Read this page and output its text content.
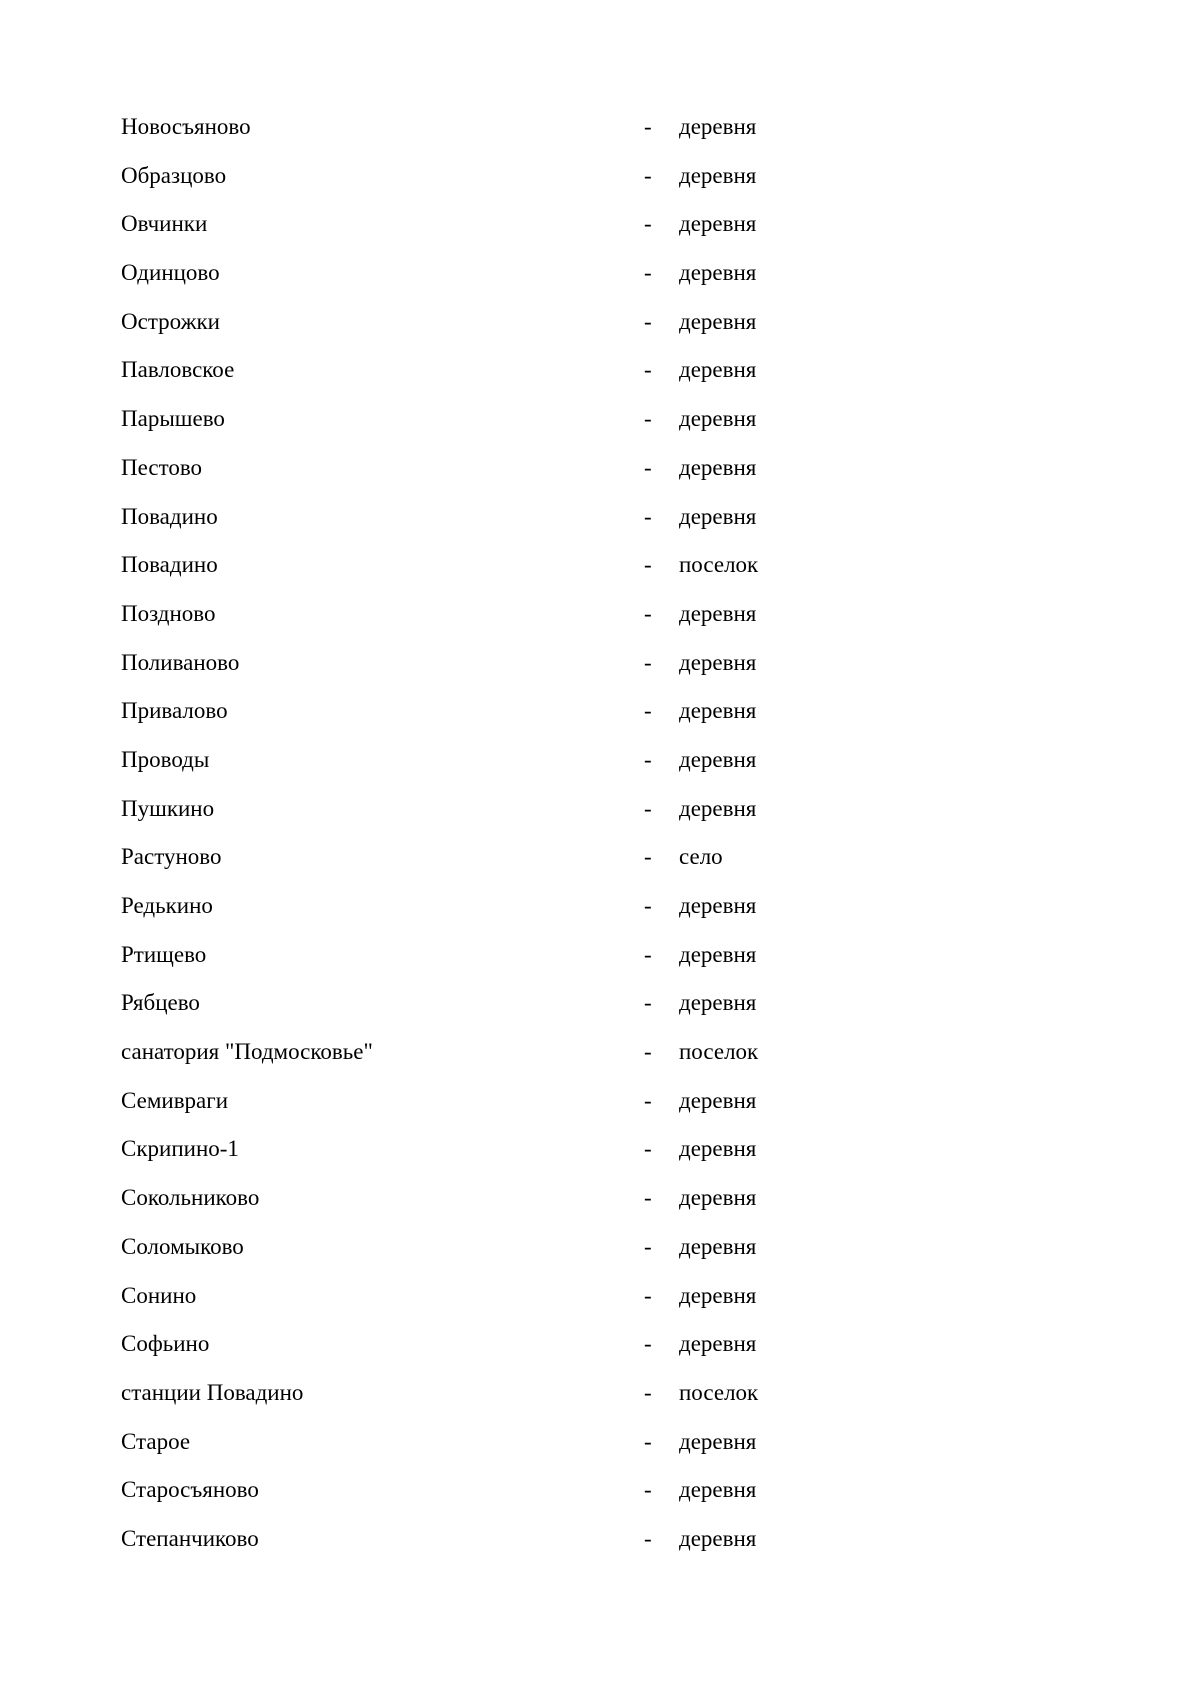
Новосъяново	- деревня
Образцово	- деревня
Овчинки	- деревня
Одинцово	- деревня
Острожки	- деревня
Павловское	- деревня
Парышево	- деревня
Пестово	- деревня
Повадино	- деревня
Повадино	- поселок
Поздново	- деревня
Поливаново	- деревня
Привалово	- деревня
Проводы	- деревня
Пушкино	- деревня
Растуново	- село
Редькино	- деревня
Ртищево	- деревня
Рябцево	- деревня
санатория "Подмосковье"	- поселок
Семивраги	- деревня
Скрипино-1	- деревня
Сокольниково	- деревня
Соломыково	- деревня
Сонино	- деревня
Софьино	- деревня
станции Повадино	- поселок
Старое	- деревня
Старосъяново	- деревня
Степанчиково	- деревня
